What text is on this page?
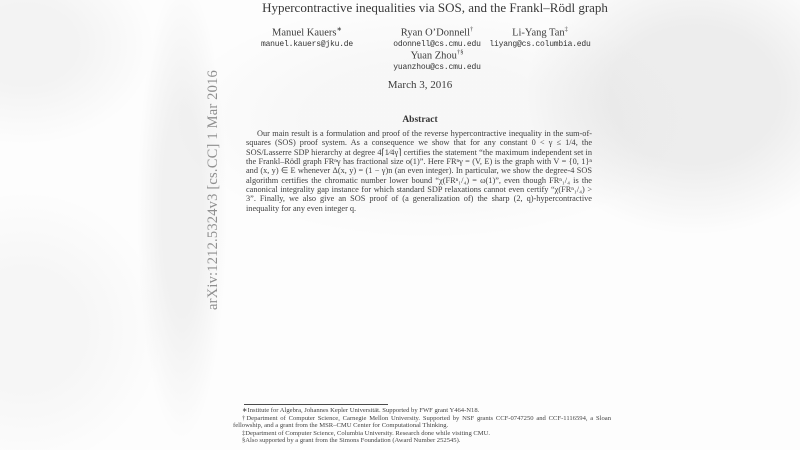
arXiv:1212.5324v3 [cs.CC] 1 Mar 2016
Hypercontractive inequalities via SOS, and the Frankl–Rödl graph
Manuel Kauers∗
manuel.kauers@jku.de
Ryan O’Donnell†
odonnell@cs.cmu.edu
Li-Yang Tan‡
liyang@cs.columbia.edu
Yuan Zhou†§
yuanzhou@cs.cmu.edu
March 3, 2016
Abstract
Our main result is a formulation and proof of the reverse hypercontractive inequality in the sum-of-squares (SOS) proof system. As a consequence we show that for any constant 0 < γ ≤ 1/4, the SOS/Lasserre SDP hierarchy at degree 4⌈1∕4γ⌉ certifies the statement “the maximum independent set in the Frankl–Rödl graph FRⁿγ has fractional size o(1)”. Here FRⁿγ = (V, E) is the graph with V = {0, 1}ⁿ and (x, y) ∈ E whenever Δ(x, y) = (1 − γ)n (an even integer). In particular, we show the degree-4 SOS algorithm certifies the chromatic number lower bound “χ(FRⁿ₁/₄) = ω(1)”, even though FRⁿ₁/₄ is the canonical integrality gap instance for which standard SDP relaxations cannot even certify “χ(FRⁿ₁/₄) > 3”. Finally, we also give an SOS proof of (a generalization of) the sharp (2, q)-hypercontractive inequality for any even integer q.

∗Institute for Algebra, Johannes Kepler Universität. Supported by FWF grant Y464-N18.

†Department of Computer Science, Carnegie Mellon University. Supported by NSF grants CCF-0747250 and CCF-1116594, a Sloan fellowship, and a grant from the MSR–CMU Center for Computational Thinking.

‡Department of Computer Science, Columbia University. Research done while visiting CMU.

§Also supported by a grant from the Simons Foundation (Award Number 252545).
